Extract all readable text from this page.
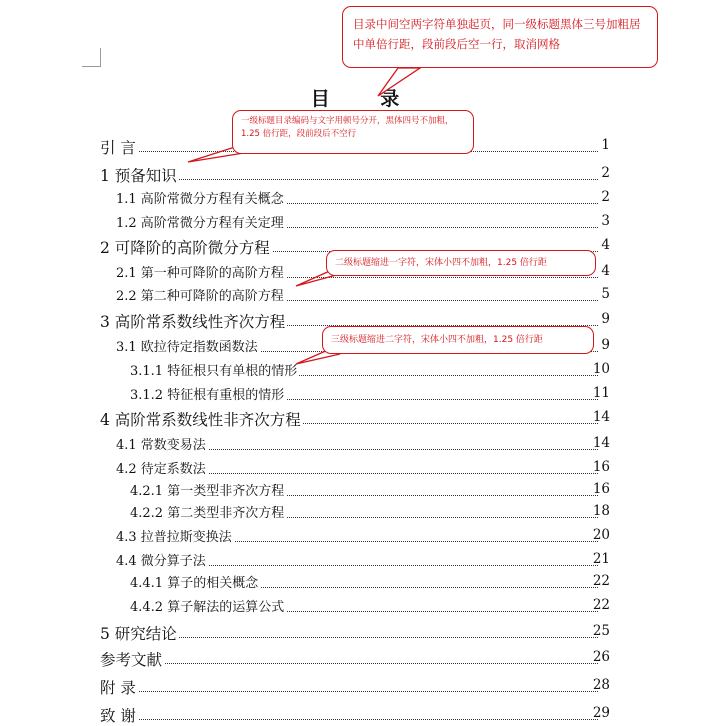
目 录
引 言	1
1 预备知识	2
1.1 高阶常微分方程有关概念	2
1.2 高阶常微分方程有关定理	3
2 可降阶的高阶微分方程	4
2.1 第一种可降阶的高阶方程	4
2.2 第二种可降阶的高阶方程	5
3 高阶常系数线性齐次方程	9
3.1 欧拉待定指数函数法	9
3.1.1 特征根只有单根的情形	10
3.1.2 特征根有重根的情形	11
4 高阶常系数线性非齐次方程	14
4.1 常数变易法	14
4.2 待定系数法	16
4.2.1 第一类型非齐次方程	16
4.2.2 第二类型非齐次方程	18
4.3 拉普拉斯变换法	20
4.4 微分算子法	21
4.4.1 算子的相关概念	22
4.4.2 算子解法的运算公式	22
5 研究结论	25
参考文献	26
附 录	28
致 谢	29
目录中间空两字符单独起页，同一级标题黑体三号加粗居中单倍行距，段前段后空一行，取消网格
一级标题目录编码与文字用顿号分开，黑体四号不加粗，1.25 倍行距，段前段后不空行
二级标题缩进一字符，宋体小四不加粗，1.25 倍行距
三级标题缩进二字符，宋体小四不加粗，1.25 倍行距
